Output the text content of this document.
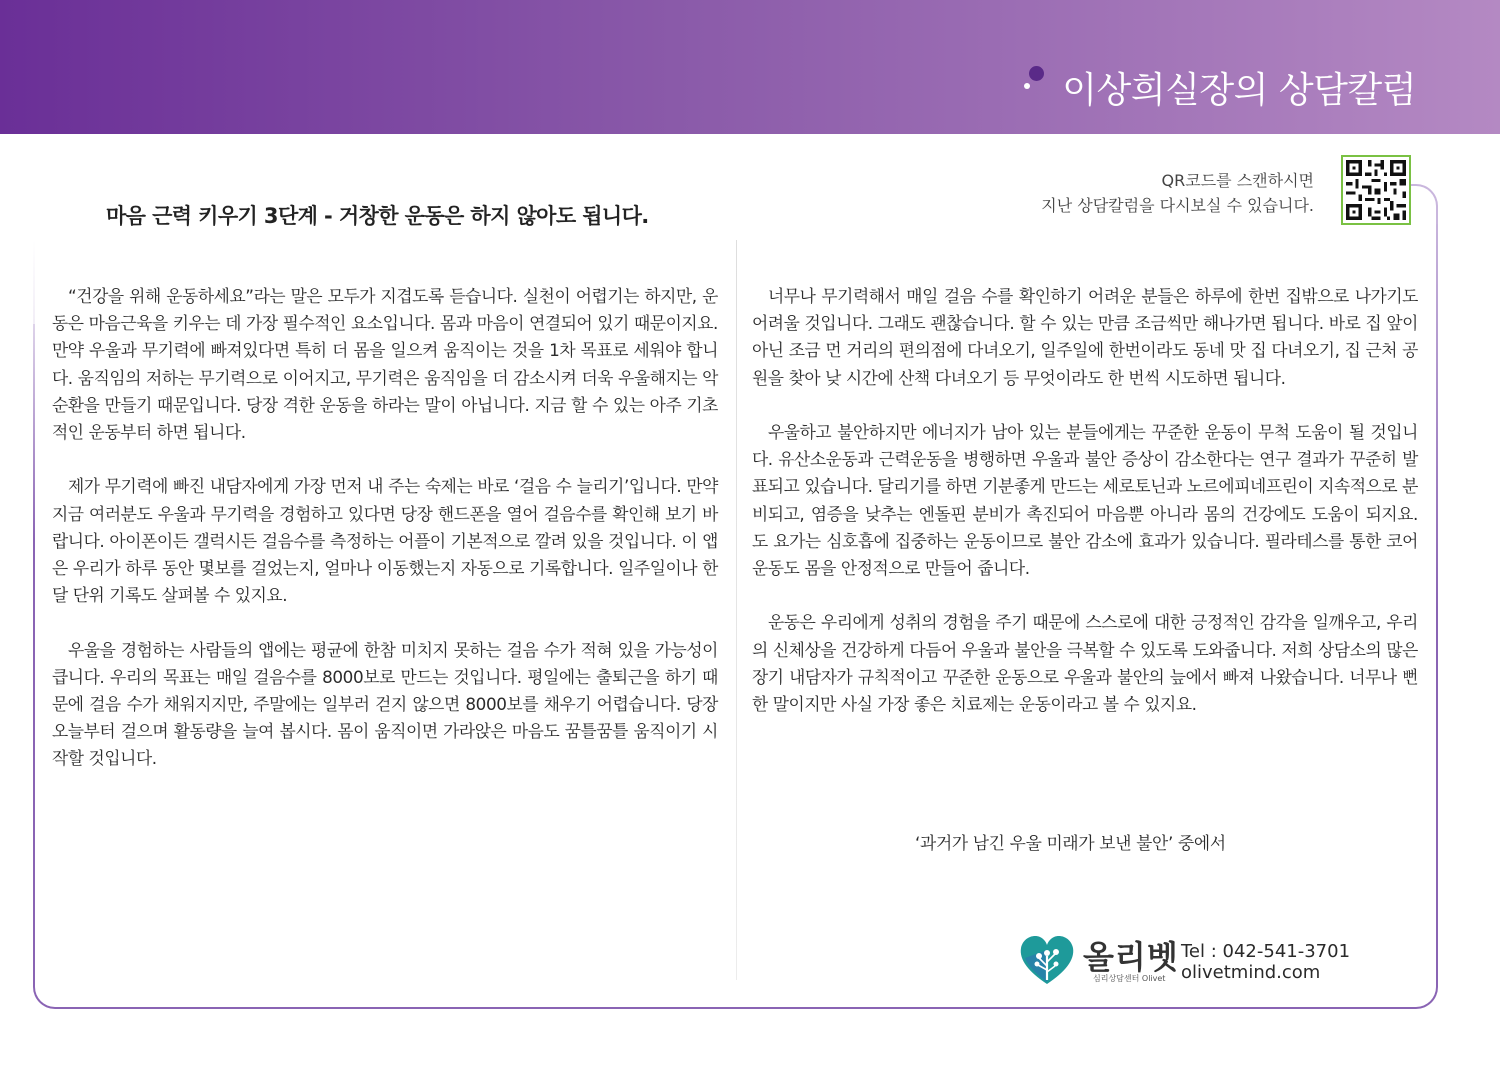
이상희실장의 상담칼럼
마음 근력 키우기 3단계 - 거창한 운동은 하지 않아도 됩니다.
QR코드를 스캔하시면
지난 상담칼럼을 다시보실 수 있습니다.

“건강을 위해 운동하세요”라는 말은 모두가 지겹도록 듣습니다. 실천이 어렵기는 하지만, 운동은 마음근육을 키우는 데 가장 필수적인 요소입니다. 몸과 마음이 연결되어 있기 때문이지요. 만약 우울과 무기력에 빠져있다면 특히 더 몸을 일으켜 움직이는 것을 1차 목표로 세워야 합니다. 움직임의 저하는 무기력으로 이어지고, 무기력은 움직임을 더 감소시켜 더욱 우울해지는 악순환을 만들기 때문입니다. 당장 격한 운동을 하라는 말이 아닙니다. 지금 할 수 있는 아주 기초적인 운동부터 하면 됩니다.

제가 무기력에 빠진 내담자에게 가장 먼저 내 주는 숙제는 바로 ‘걸음 수 늘리기’입니다. 만약 지금 여러분도 우울과 무기력을 경험하고 있다면 당장 핸드폰을 열어 걸음수를 확인해 보기 바랍니다. 아이폰이든 갤럭시든 걸음수를 측정하는 어플이 기본적으로 깔려 있을 것입니다. 이 앱은 우리가 하루 동안 몇보를 걸었는지, 얼마나 이동했는지 자동으로 기록합니다. 일주일이나 한달 단위 기록도 살펴볼 수 있지요.

우울을 경험하는 사람들의 앱에는 평균에 한참 미치지 못하는 걸음 수가 적혀 있을 가능성이 큽니다. 우리의 목표는 매일 걸음수를 8000보로 만드는 것입니다. 평일에는 출퇴근을 하기 때문에 걸음 수가 채워지지만, 주말에는 일부러 걷지 않으면 8000보를 채우기 어렵습니다. 당장 오늘부터 걸으며 활동량을 늘여 봅시다. 몸이 움직이면 가라앉은 마음도 꿈틀꿈틀 움직이기 시작할 것입니다.

너무나 무기력해서 매일 걸음 수를 확인하기 어려운 분들은 하루에 한번 집밖으로 나가기도 어려울 것입니다. 그래도 괜찮습니다. 할 수 있는 만큼 조금씩만 해나가면 됩니다. 바로 집 앞이 아닌 조금 먼 거리의 편의점에 다녀오기, 일주일에 한번이라도 동네 맛 집 다녀오기, 집 근처 공원을 찾아 낮 시간에 산책 다녀오기 등 무엇이라도 한 번씩 시도하면 됩니다.

우울하고 불안하지만 에너지가 남아 있는 분들에게는 꾸준한 운동이 무척 도움이 될 것입니다. 유산소운동과 근력운동을 병행하면 우울과 불안 증상이 감소한다는 연구 결과가 꾸준히 발표되고 있습니다. 달리기를 하면 기분좋게 만드는 세로토닌과 노르에피네프린이 지속적으로 분비되고, 염증을 낮추는 엔돌핀 분비가 촉진되어 마음뿐 아니라 몸의 건강에도 도움이 되지요. 도 요가는 심호흡에 집중하는 운동이므로 불안 감소에 효과가 있습니다. 필라테스를 통한 코어 운동도 몸을 안정적으로 만들어 줍니다.

운동은 우리에게 성취의 경험을 주기 때문에 스스로에 대한 긍정적인 감각을 일깨우고, 우리의 신체상을 건강하게 다듬어 우울과 불안을 극복할 수 있도록 도와줍니다. 저희 상담소의 많은 장기 내담자가 규칙적이고 꾸준한 운동으로 우울과 불안의 늪에서 빠져 나왔습니다. 너무나 뻔한 말이지만 사실 가장 좋은 치료제는 운동이라고 볼 수 있지요.

‘과거가 남긴 우울 미래가 보낸 불안’ 중에서
올리벳
심리상담센터 Olivet
Tel : 042-541-3701
olivetmind.com
